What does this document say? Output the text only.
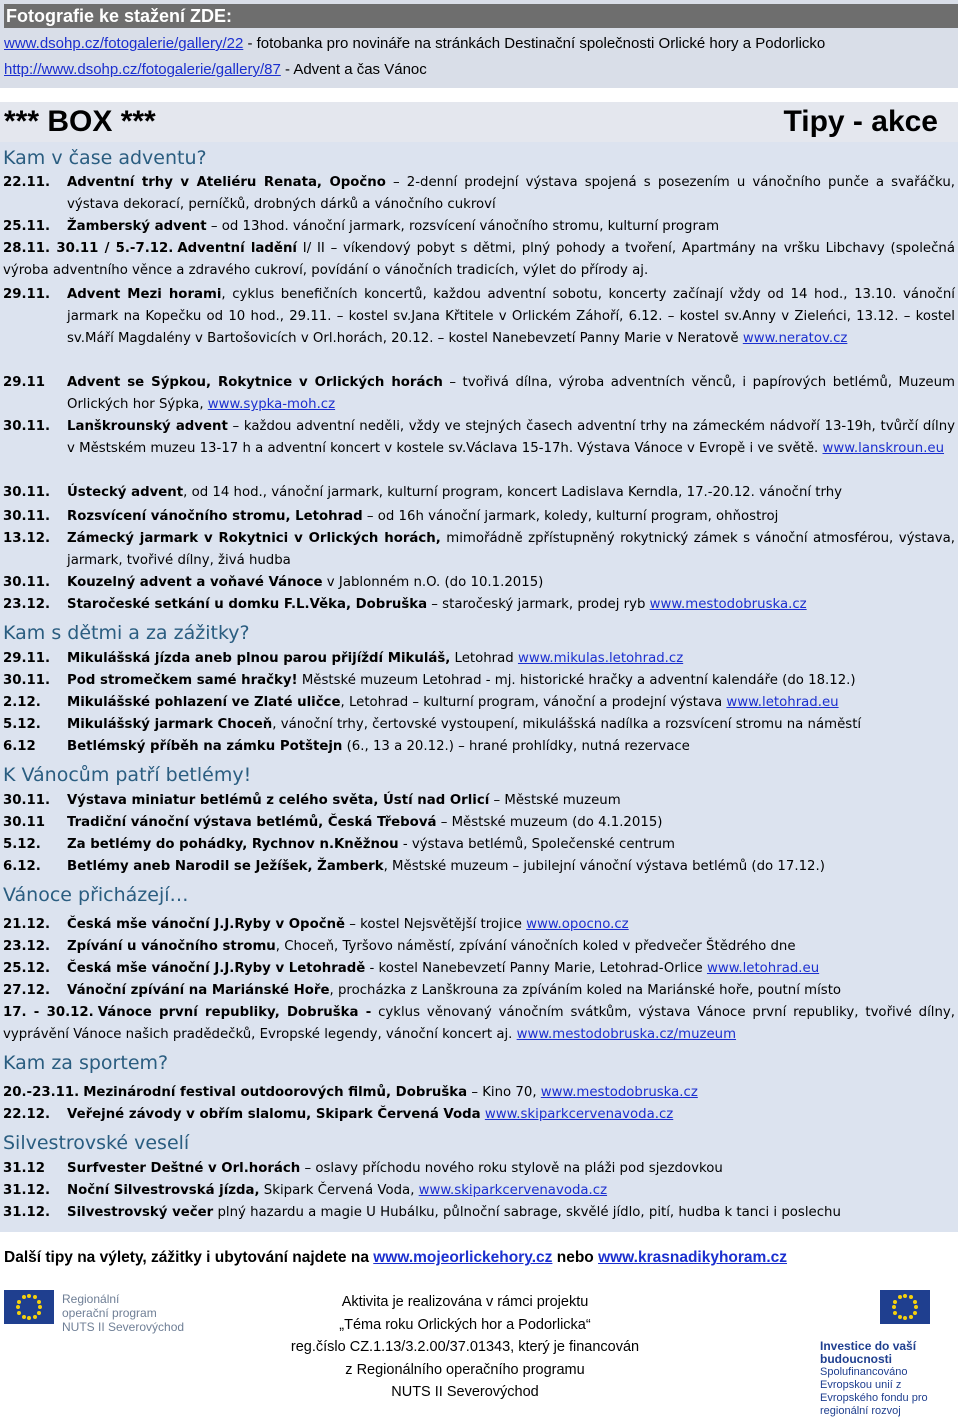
Fotografie ke stažení ZDE:
www.dsohp.cz/fotogalerie/gallery/22 - fotobanka pro novináře na stránkách Destinační společnosti Orlické hory a Podorlicko
http://www.dsohp.cz/fotogalerie/gallery/87 - Advent a čas Vánoc
*** BOX ***	Tipy - akce
Kam v čase adventu?
22.11. Adventní trhy v Ateliéru Renata, Opočno – 2-denní prodejní výstava spojená s posezením u vánočního punče a svařáčku, výstava dekorací, perníčků, drobných dárků a vánočního cukroví
25.11. Žamberský advent – od 13hod. vánoční jarmark, rozsvícení vánočního stromu, kulturní program
28.11. 30.11 / 5.-7.12. Adventní ladění I/ II – víkendový pobyt s dětmi, plný pohody a tvoření, Apartmány na vršku Libchavy (společná výroba adventního věnce a zdravého cukroví, povídání o vánočních tradicích, výlet do přírody aj.
29.11. Advent Mezi horami, cyklus benefičních koncertů, každou adventní sobotu, koncerty začínají vždy od 14 hod., 13.10. vánoční jarmark na Kopečku od 10 hod., 29.11. – kostel sv.Jana Křtitele v Orlickém Záhoří, 6.12. – kostel sv.Anny v Zieleńci, 13.12. – kostel sv.Máří Magdalény v Bartošovicích v Orl.horách, 20.12. – kostel Nanebevzetí Panny Marie v Neratově www.neratov.cz
29.11 Advent se Sýpkou, Rokytnice v Orlických horách – tvořivá dílna, výroba adventních věnců, i papírových betlémů, Muzeum Orlických hor Sýpka, www.sypka-moh.cz
30.11. Lanškrounský advent – každou adventní neděli, vždy ve stejných časech adventní trhy na zámeckém nádvoří 13-19h, tvůrčí dílny v Městském muzeu 13-17 h a adventní koncert v kostele sv.Václava 15-17h. Výstava Vánoce v Evropě i ve světě. www.lanskroun.eu
30.11. Ústecký advent, od 14 hod., vánoční jarmark, kulturní program, koncert Ladislava Kerndla, 17.-20.12. vánoční trhy
30.11. Rozsvícení vánočního stromu, Letohrad – od 16h vánoční jarmark, koledy, kulturní program, ohňostroj
13.12. Zámecký jarmark v Rokytnici v Orlických horách, mimořádně zpřístupněný rokytnický zámek s vánoční atmosférou, výstava, jarmark, tvořivé dílny, živá hudba
30.11. Kouzelný advent a voňavé Vánoce v Jablonném n.O. (do 10.1.2015)
23.12. Staročeské setkání u domku F.L.Věka, Dobruška – staročeský jarmark, prodej ryb www.mestodobruska.cz
Kam s dětmi a za zážitky?
29.11. Mikulášská jízda aneb plnou parou přijíždí Mikuláš, Letohrad www.mikulas.letohrad.cz
30.11. Pod stromečkem samé hračky! Městské muzeum Letohrad - mj. historické hračky a adventní kalendáře (do 18.12.)
2.12. Mikulášské pohlazení ve Zlaté uličce, Letohrad – kulturní program, vánoční a prodejní výstava www.letohrad.eu
5.12. Mikulášský jarmark Choceň, vánoční trhy, čertovské vystoupení, mikulášská nadílka a rozsvícení stromu na náměstí
6.12 Betlémský příběh na zámku Potštejn (6., 13 a 20.12.) – hrané prohlídky, nutná rezervace
K Vánocům patří betlémy!
30.11. Výstava miniatur betlémů z celého světa, Ústí nad Orlicí – Městské muzeum
30.11 Tradiční vánoční výstava betlémů, Česká Třebová – Městské muzeum (do 4.1.2015)
5.12. Za betlémy do pohádky, Rychnov n.Kněžnou - výstava betlémů, Společenské centrum
6.12. Betlémy aneb Narodil se Ježíšek, Žamberk, Městské muzeum – jubilejní vánoční výstava betlémů (do 17.12.)
Vánoce přicházejí…
21.12. Česká mše vánoční J.J.Ryby v Opočně – kostel Nejsvětější trojice www.opocno.cz
23.12. Zpívání u vánočního stromu, Choceň, Tyršovo náměstí, zpívání vánočních koled v předvečer Štědrého dne
25.12. Česká mše vánoční J.J.Ryby v Letohradě - kostel Nanebevzetí Panny Marie, Letohrad-Orlice www.letohrad.eu
27.12. Vánoční zpívání na Mariánské Hoře, procházka z Lanškrouna za zpíváním koled na Mariánské hoře, poutní místo
17. - 30.12. Vánoce první republiky, Dobruška - cyklus věnovaný vánočním svátkům, výstava Vánoce první republiky, tvořivé dílny, vyprávění Vánoce našich pradědečků, Evropské legendy, vánoční koncert aj. www.mestodobruska.cz/muzeum
Kam za sportem?
20.-23.11. Mezinárodní festival outdoorových filmů, Dobruška – Kino 70, www.mestodobruska.cz
22.12. Veřejné závody v obřím slalomu, Skipark Červená Voda www.skiparkcervenavoda.cz
Silvestrovské veselí
31.12 Surfvester Deštné v Orl.horách – oslavy příchodu nového roku stylově na pláži pod sjezdovkou
31.12. Noční Silvestrovská jízda, Skipark Červená Voda, www.skiparkcervenavoda.cz
31.12. Silvestrovský večer plný hazardu a magie U Hubálku, půlnoční sabrage, skvělé jídlo, pití, hudba k tanci i poslechu
Další tipy na výlety, zážitky i ubytování najdete na www.mojeorlickehory.cz nebo www.krasnadikyhoram.cz
Regionální
operační program
NUTS II Severovýchod
Aktivita je realizována v rámci projektu
„Téma roku Orlických hor a Podorlicka“
reg.číslo CZ.1.13/3.2.00/37.01343, který je financován
z Regionálního operačního programu
NUTS II Severovýchod
Investice do vaší budoucnosti
Spolufinancováno Evropskou unií z Evropského fondu pro regionální rozvoj
